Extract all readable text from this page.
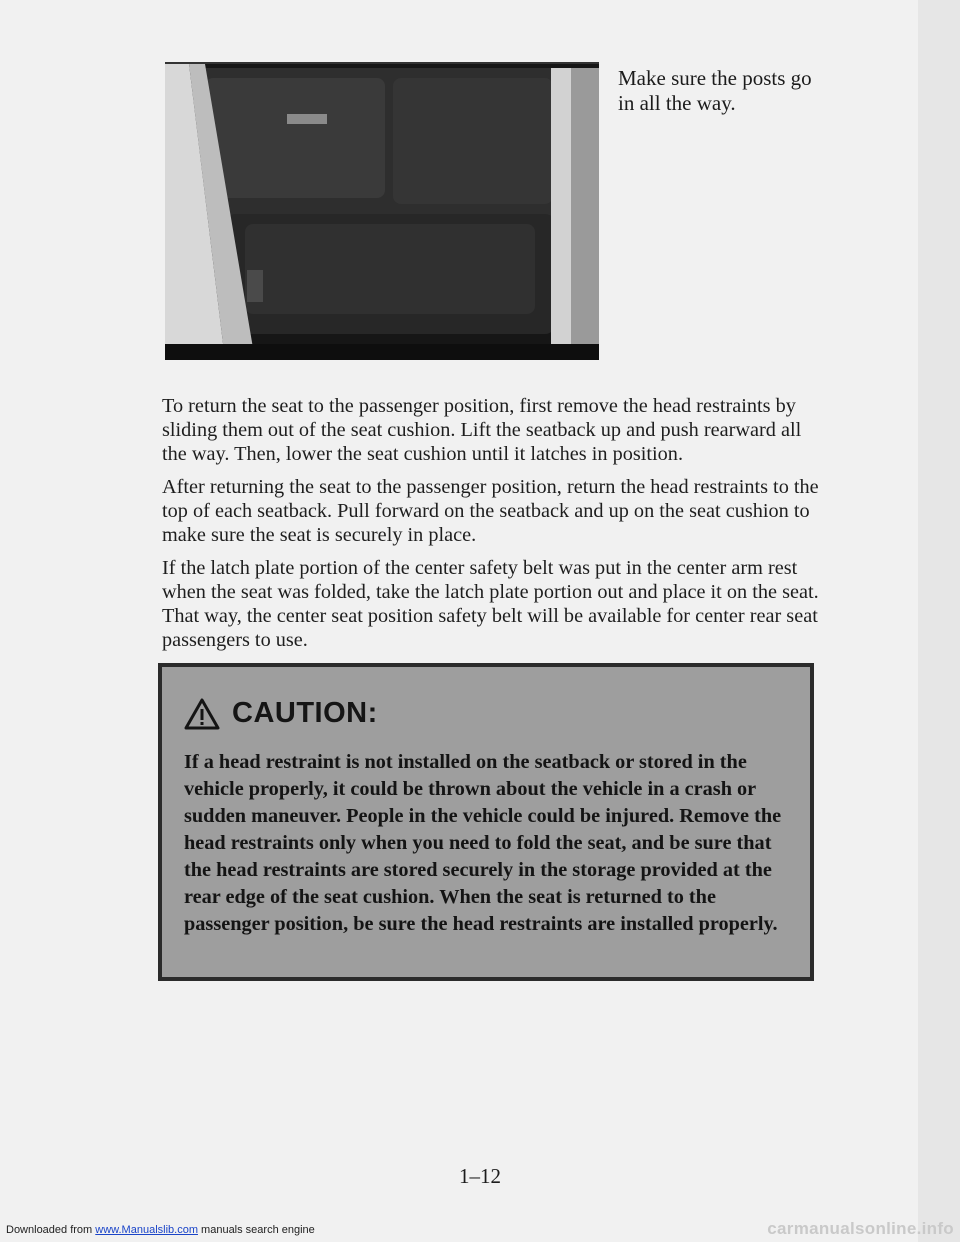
Make sure the posts go in all the way.

To return the seat to the passenger position, first remove the head restraints by sliding them out of the seat cushion. Lift the seatback up and push rearward all the way. Then, lower the seat cushion until it latches in position.

After returning the seat to the passenger position, return the head restraints to the top of each seatback. Pull forward on the seatback and up on the seat cushion to make sure the seat is securely in place.

If the latch plate portion of the center safety belt was put in the center arm rest when the seat was folded, take the latch plate portion out and place it on the seat. That way, the center seat position safety belt will be available for center rear seat passengers to use.

CAUTION:
If a head restraint is not installed on the seatback or stored in the vehicle properly, it could be thrown about the vehicle in a crash or sudden maneuver. People in the vehicle could be injured. Remove the head restraints only when you need to fold the seat, and be sure that the head restraints are stored securely in the storage provided at the rear edge of the seat cushion. When the seat is returned to the passenger position, be sure the head restraints are installed properly.
1–12
Downloaded from www.Manualslib.com manuals search engine	carmanualsonline.info
